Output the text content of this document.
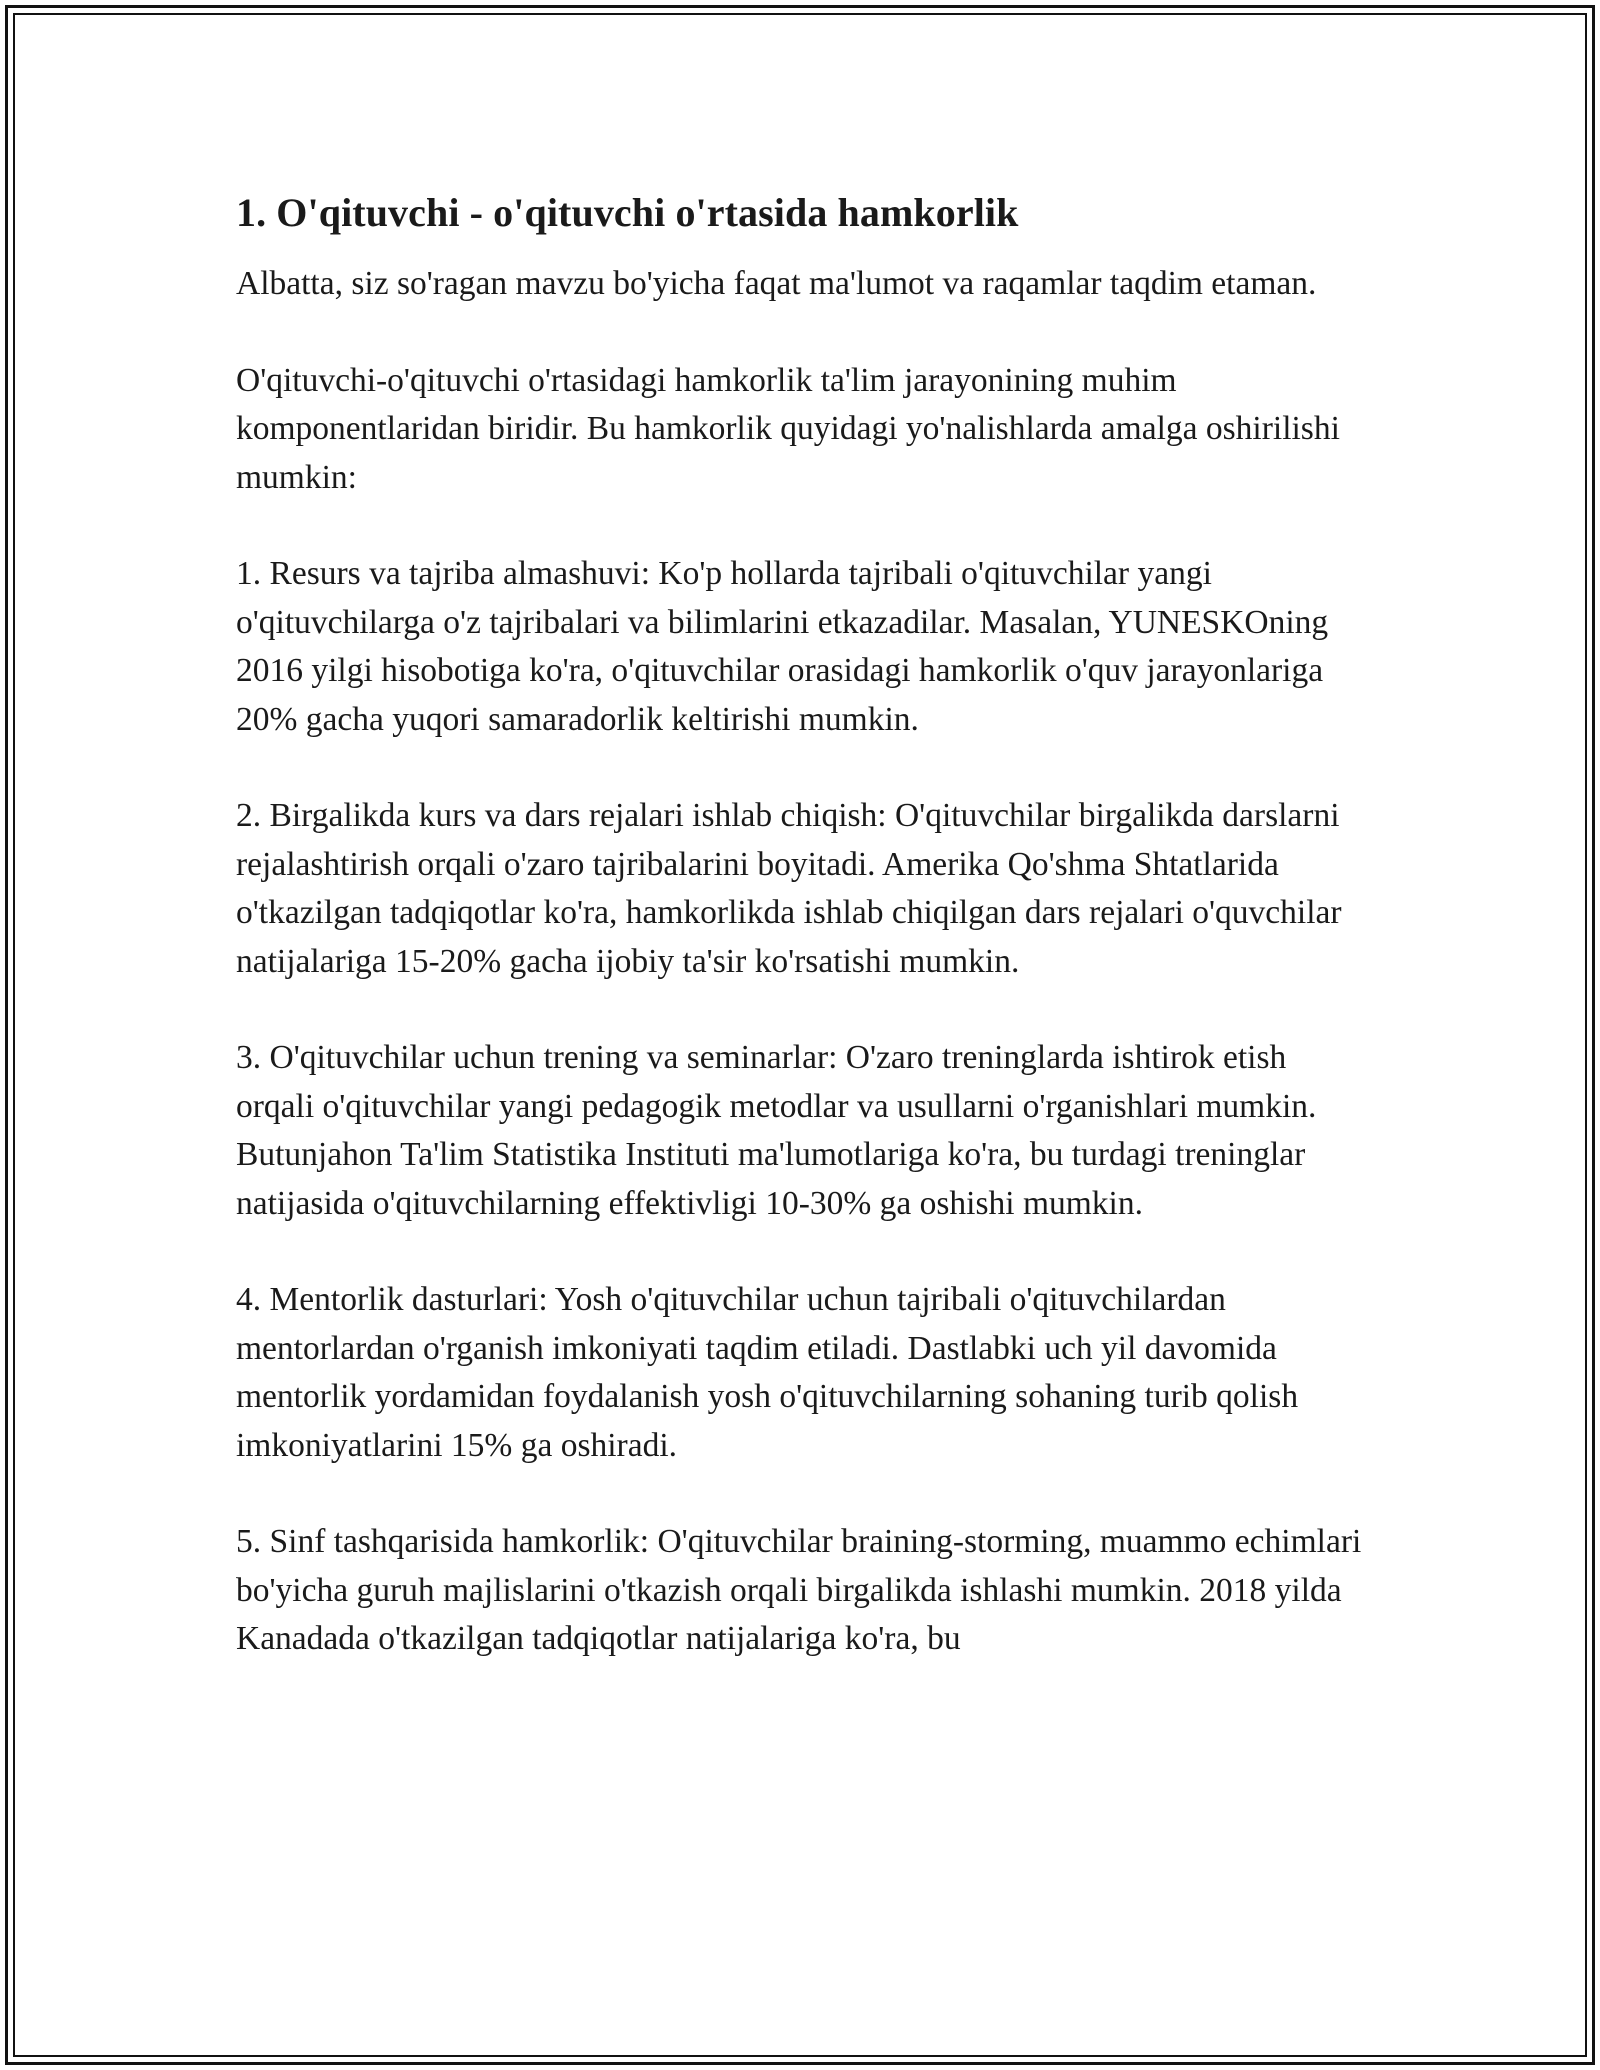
1. O'qituvchi - o'qituvchi o'rtasida hamkorlik

Albatta, siz so'ragan mavzu bo'yicha faqat ma'lumot va raqamlar taqdim etaman.

O'qituvchi-o'qituvchi o'rtasidagi hamkorlik ta'lim jarayonining muhim komponentlaridan biridir. Bu hamkorlik quyidagi yo'nalishlarda amalga oshirilishi mumkin:

1. Resurs va tajriba almashuvi: Ko'p hollarda tajribali o'qituvchilar yangi o'qituvchilarga o'z tajribalari va bilimlarini etkazadilar. Masalan, YUNESKOning 2016 yilgi hisobotiga ko'ra, o'qituvchilar orasidagi hamkorlik o'quv jarayonlariga 20% gacha yuqori samaradorlik keltirishi mumkin.

2. Birgalikda kurs va dars rejalari ishlab chiqish: O'qituvchilar birgalikda darslarni rejalashtirish orqali o'zaro tajribalarini boyitadi. Amerika Qo'shma Shtatlarida o'tkazilgan tadqiqotlar ko'ra, hamkorlikda ishlab chiqilgan dars rejalari o'quvchilar natijalariga 15-20% gacha ijobiy ta'sir ko'rsatishi mumkin.

3. O'qituvchilar uchun trening va seminarlar: O'zaro treninglarda ishtirok etish orqali o'qituvchilar yangi pedagogik metodlar va usullarni o'rganishlari mumkin. Butunjahon Ta'lim Statistika Instituti ma'lumotlariga ko'ra, bu turdagi treninglar natijasida o'qituvchilarning effektivligi 10-30% ga oshishi mumkin.

4. Mentorlik dasturlari: Yosh o'qituvchilar uchun tajribali o'qituvchilardan mentorlardan o'rganish imkoniyati taqdim etiladi. Dastlabki uch yil davomida mentorlik yordamidan foydalanish yosh o'qituvchilarning sohaning turib qolish imkoniyatlarini 15% ga oshiradi.

5. Sinf tashqarisida hamkorlik: O'qituvchilar braining-storming, muammo echimlari bo'yicha guruh majlislarini o'tkazish orqali birgalikda ishlashi mumkin. 2018 yilda Kanadada o'tkazilgan tadqiqotlar natijalariga ko'ra, bu
